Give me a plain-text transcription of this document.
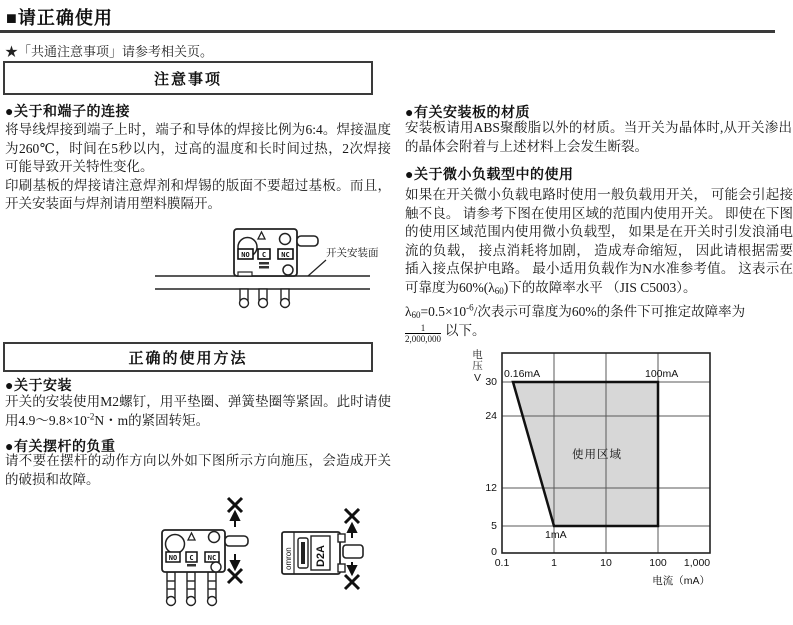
■请正确使用
★「共通注意事项」请参考相关页。
注意事项
●关于和端子的连接

将导线焊接到端子上时，端子和导体的焊接比例为6:4。焊接温度为260℃，时间在5秒以内，过高的温度和长时间过热，2次焊接可能导致开关特性变化。

印刷基板的焊接请注意焊剂和焊锡的版面不要超过基板。而且，开关安装面与焊剂请用塑料膜隔开。

NO C NC	开关安装面
正确的使用方法
●关于安装

开关的安装使用M2螺钉，用平垫圈、弹簧垫圈等紧固。此时请使用$4.9\sim 9.8\times 10^{-2}N$・m的紧固转矩。

●有关摆杆的负重

请不要在摆杆的动作方向以外如下图所示方向施压，会造成开关的破损和故障。

NO C NC	omron D2A
●有关安装板的材质

安装板请用ABS聚酸脂以外的材质。当开关为晶体时,从开关渗出的晶体会附着与上述材料上会发生断裂。

●关于微小负载型中的使用

如果在开关微小负载电路时使用一般负载用开关， 可能会引起接触不良。 请参考下图在使用区域的范围内使用开关。 即使在下图的使用区域范围内使用微小负载型， 如果是在开关时引发浪涌电流的负载， 接点消耗将加剧， 造成寿命缩短， 因此请根据需要插入接点保护电路。 最小适用负载作为N水准参考值。 这表示在可靠度为$60\%(\lambda_{60})$下的故障率水平 （JIS C5003）。

$\lambda_{60}=0.5\times 10^{-6}/$次表示可靠度为60%的条件下可推定故障率为
$\frac{1}{2,000,000}$ 以下。
电压
V 30
24
12
5
0
0.1	1	10	100	1,000
0.16mA	100mA
1mA
使用区域
电流（mA）
